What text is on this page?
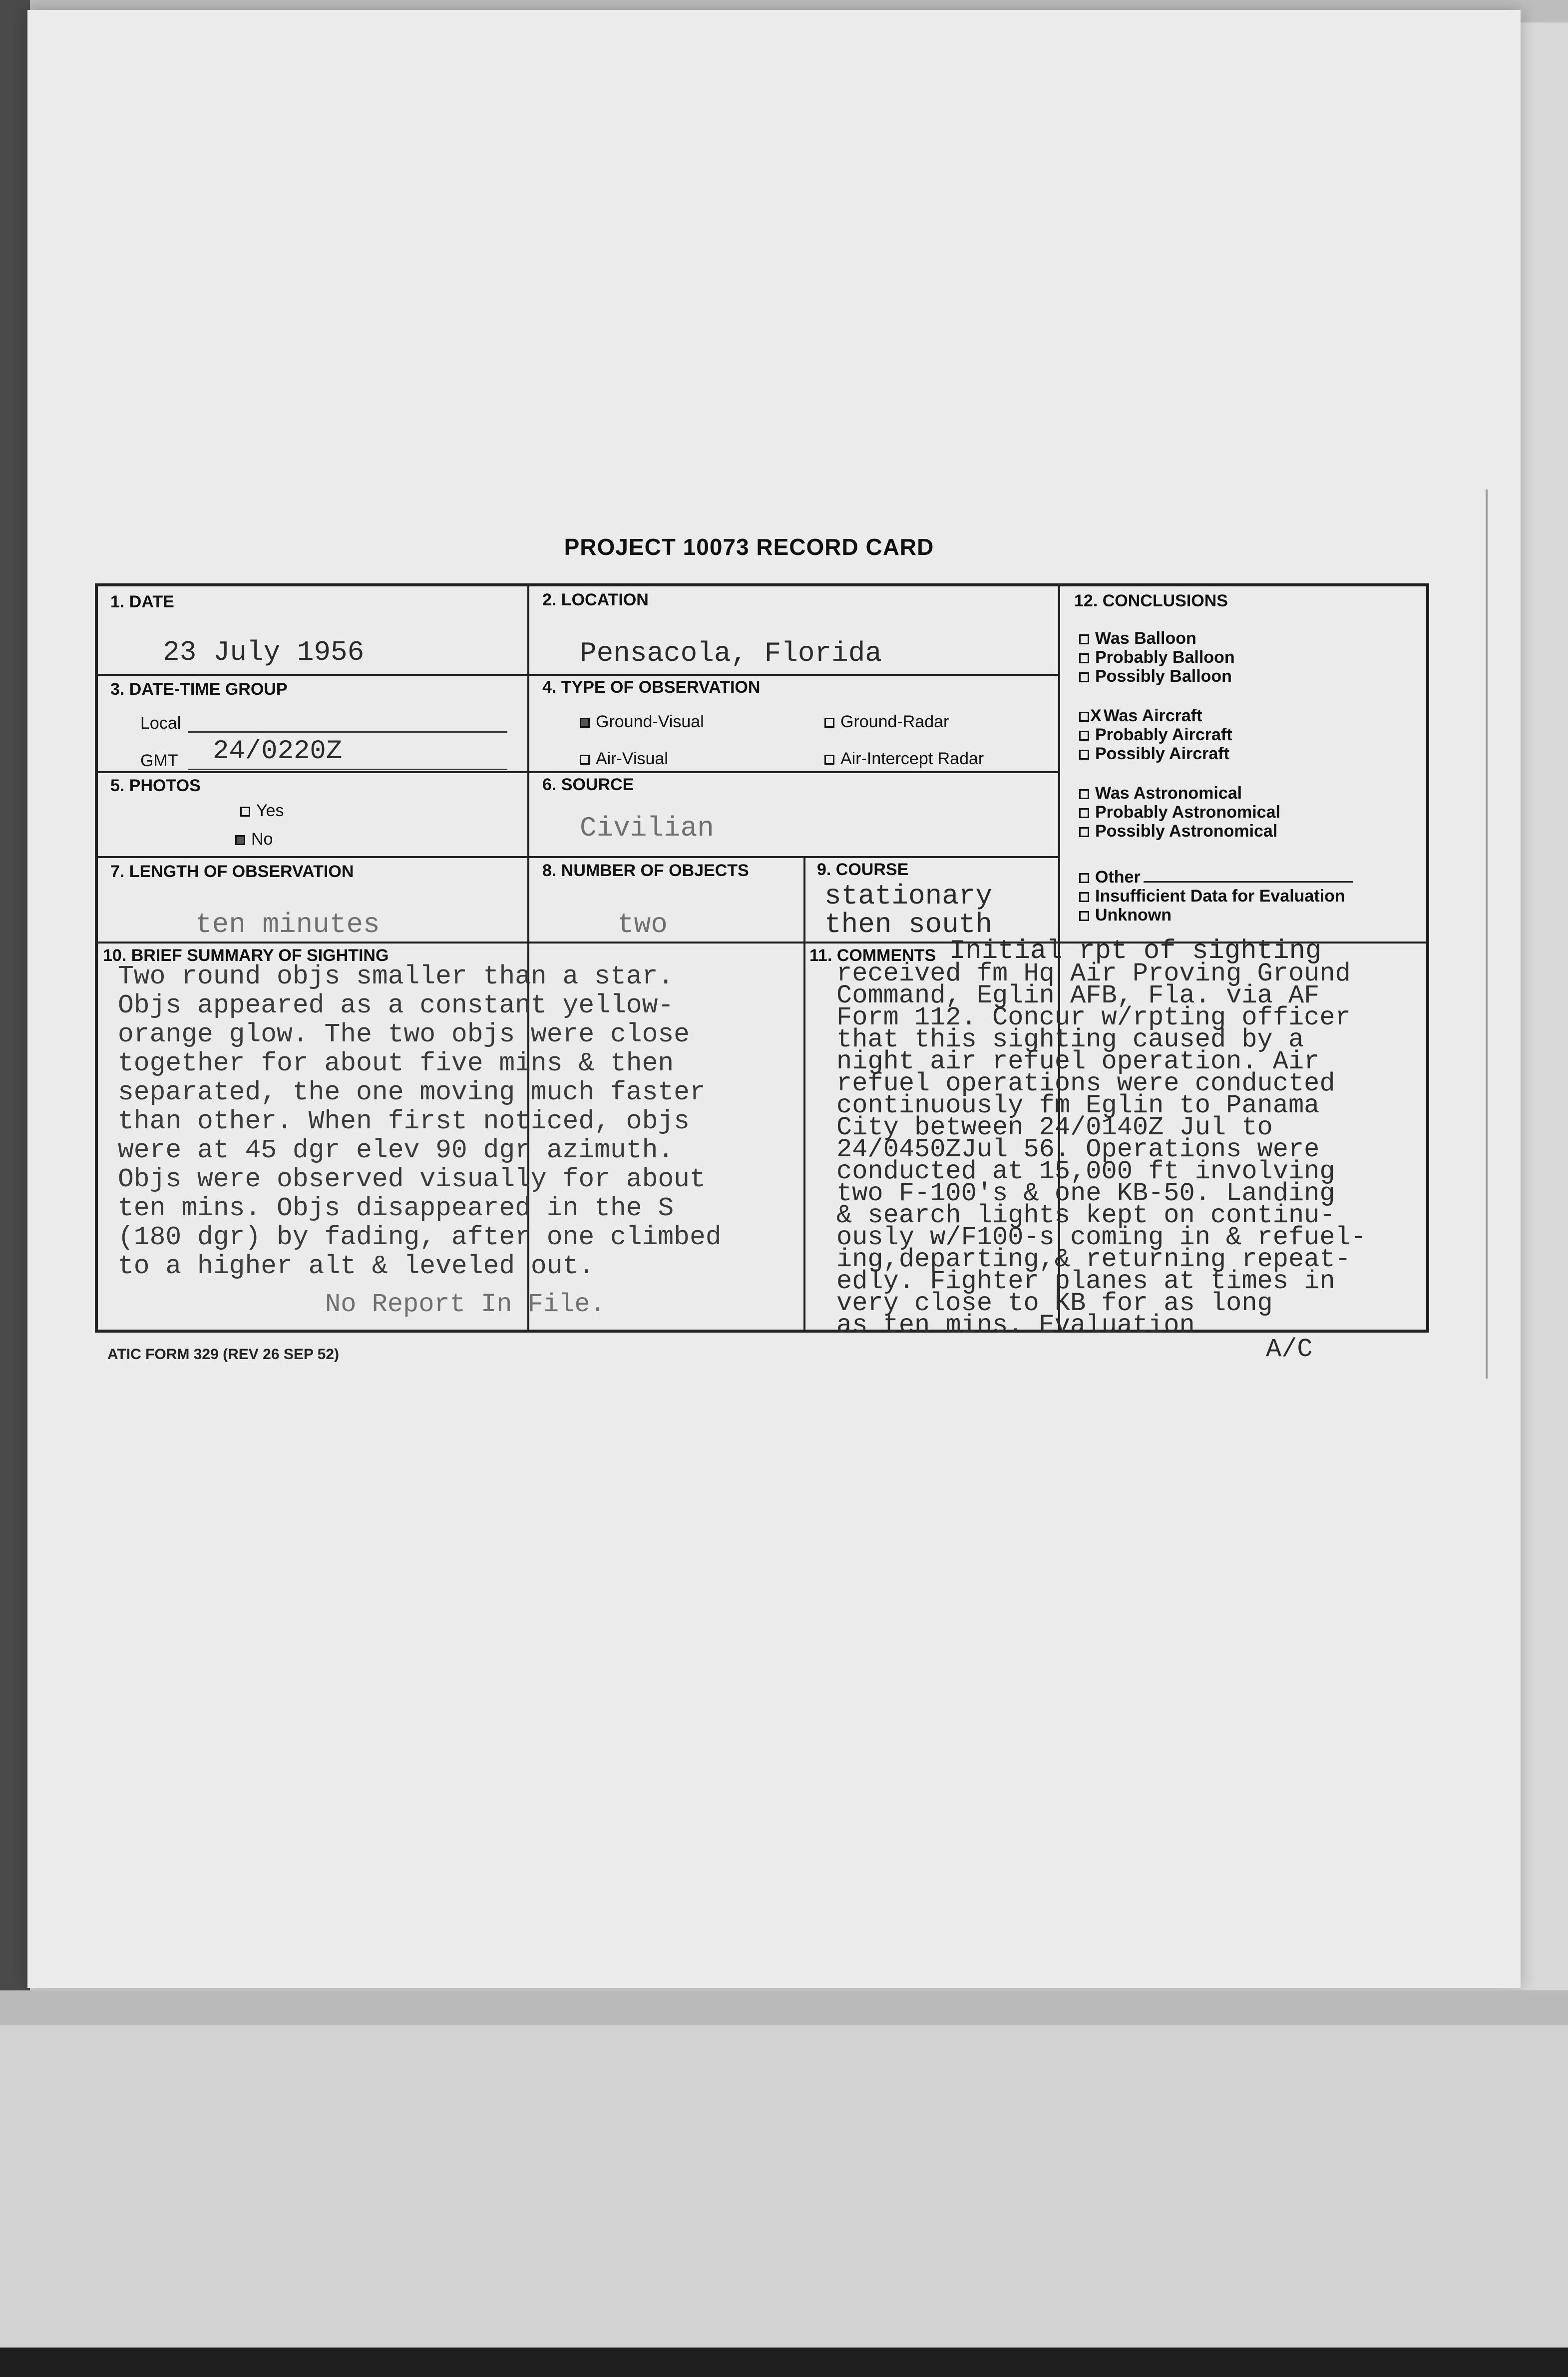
PROJECT 10073 RECORD CARD
1. DATE
23 July 1956
2. LOCATION
Pensacola, Florida
3. DATE-TIME GROUP
Local
GMT 24/0220Z
4. TYPE OF OBSERVATION
Ground-Visual	Ground-Radar
Air-Visual	Air-Intercept Radar
5. PHOTOS
Yes
No
6. SOURCE
Civilian
7. LENGTH OF OBSERVATION
ten minutes
8. NUMBER OF OBJECTS
two
9. COURSE
stationary
then south
12. CONCLUSIONS
Was Balloon
Probably Balloon
Possibly Balloon
X Was Aircraft
Probably Aircraft
Possibly Aircraft
Was Astronomical
Probably Astronomical
Possibly Astronomical
Other
Insufficient Data for Evaluation
Unknown
10. BRIEF SUMMARY OF SIGHTING
Two round objs smaller than a star.
Objs appeared as a constant yellow-
orange glow. The two objs were close
together for about five mins & then
separated, the one moving much faster
than other. When first noticed, objs
were at 45 dgr elev 90 dgr azimuth.
Objs were observed visually for about
ten mins. Objs disappeared in the S
(180 dgr) by fading, after one climbed
to a higher alt & leveled out.
No Report In File.
11. COMMENTS Initial rpt of sighting
received fm Hq Air Proving Ground
Command, Eglin AFB, Fla. via AF
Form 112. Concur w/rpting officer
that this sighting caused by a
night air refuel operation. Air
refuel operations were conducted
continuously fm Eglin to Panama
City between 24/0140Z Jul to
24/0450ZJul 56. Operations were
conducted at 15,000 ft involving
two F-100's & one KB-50. Landing
& search lights kept on continu-
ously w/F100-s coming in & refuel-
ing,departing,& returning repeat-
edly. Fighter planes at times in
very close to KB for as long
as ten mins. Evaluation
A/C
ATIC FORM 329 (REV 26 SEP 52)
